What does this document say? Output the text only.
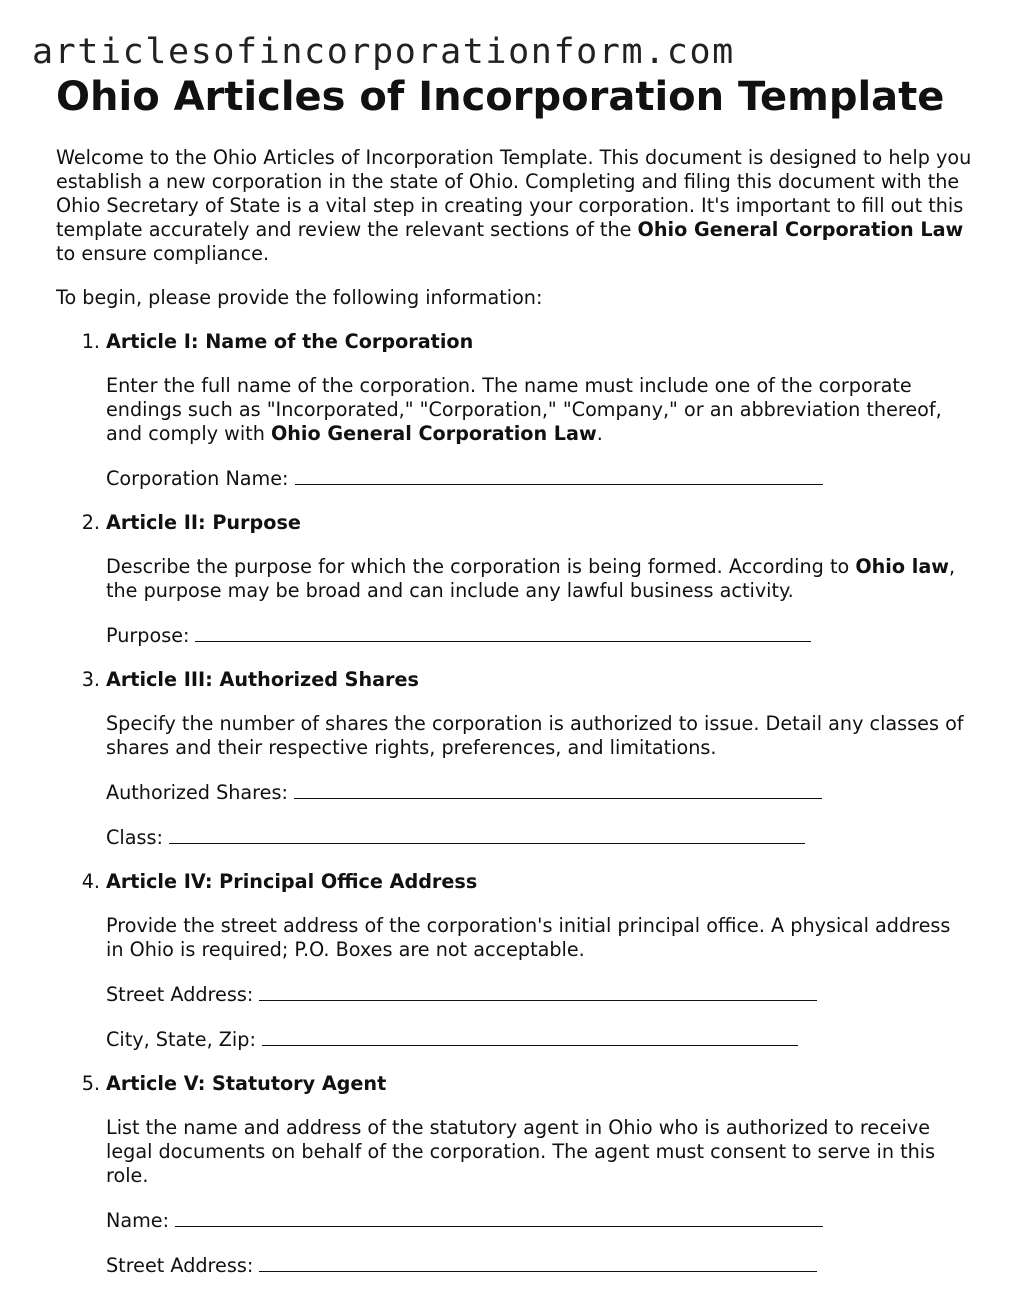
articlesofincorporationform.com
Ohio Articles of Incorporation Template

Welcome to the Ohio Articles of Incorporation Template. This document is designed to help you establish a new corporation in the state of Ohio. Completing and filing this document with the Ohio Secretary of State is a vital step in creating your corporation. It's important to fill out this template accurately and review the relevant sections of the Ohio General Corporation Law to ensure compliance.

To begin, please provide the following information:

1. Article I: Name of the Corporation
Enter the full name of the corporation. The name must include one of the corporate endings such as "Incorporated," "Corporation," "Company," or an abbreviation thereof, and comply with Ohio General Corporation Law.
Corporation Name:
2. Article II: Purpose
Describe the purpose for which the corporation is being formed. According to Ohio law, the purpose may be broad and can include any lawful business activity.
Purpose:
3. Article III: Authorized Shares
Specify the number of shares the corporation is authorized to issue. Detail any classes of shares and their respective rights, preferences, and limitations.
Authorized Shares:
Class:
4. Article IV: Principal Office Address
Provide the street address of the corporation's initial principal office. A physical address in Ohio is required; P.O. Boxes are not acceptable.
Street Address:
City, State, Zip:
5. Article V: Statutory Agent
List the name and address of the statutory agent in Ohio who is authorized to receive legal documents on behalf of the corporation. The agent must consent to serve in this role.
Name:
Street Address:
